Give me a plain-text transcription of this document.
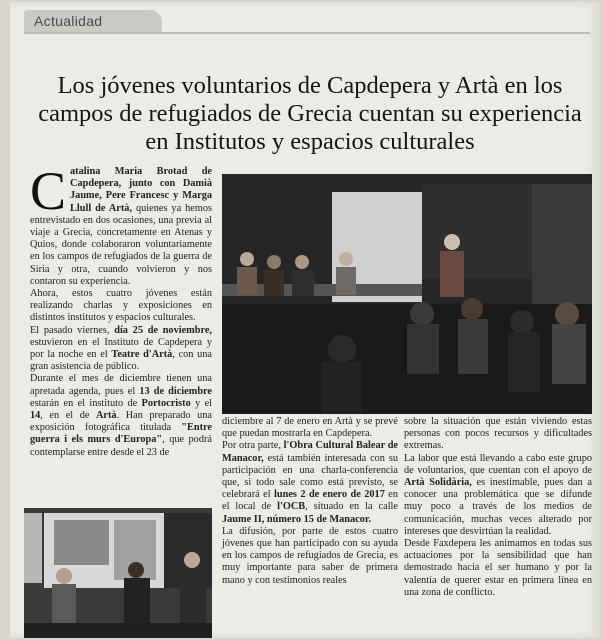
Actualidad
Los jóvenes voluntarios de Capdepera y Artà en los campos de refugiados de Grecia cuentan su experiencia en Institutos y espacios culturales
C atalina Maria Brotad de Capdepera, junto con Damià Jaume, Pere Francesc y Marga Llull de Artà, quienes ya hemos entrevistado en dos ocasiones, una previa al viaje a Grecia, concretamente en Atenas y Quios, donde colaboraron voluntariamente en los campos de refugiados de la guerra de Siria y otra, cuando volvieron y nos contaron su experiencia.

Ahora, estos cuatro jóvenes están realizando charlas y exposiciones en distintos institutos y espacios culturales.

El pasado viernes, día 25 de noviembre, estuvieron en el Instituto de Capdepera y por la noche en el Teatre d'Artà, con una gran asistencia de público.

Durante el mes de diciembre tienen una apretada agenda, pues el 13 de diciembre estarán en el instituto de Portocristo y el 14, en el de Artà. Han preparado una exposición fotográfica titulada "Entre guerra i els murs d'Europa", que podrá contemplarse entre desde el 23 de

diciembre al 7 de enero en Artà y se prevé que puedan mostrarla en Capdepera.

Por otra parte, l'Obra Cultural Balear de Manacor, está también interesada con su participación en una charla-conferencia que, si todo sale como está previsto, se celebrará el lunes 2 de enero de 2017 en el local de l'OCB, situado en la calle Jaume II, número 15 de Manacor.

La difusión, por parte de estos cuatro jóvenes que han participado con su ayuda en los campos de refugiados de Grecia, es muy importante para saber de primera mano y con testimonios reales

sobre la situación que están viviendo estas personas con pocos recursos y dificultades extremas.

La labor que está llevando a cabo este grupo de voluntarios, que cuentan con el apoyo de Artà Solidària, es inestimable, pues dan a conocer una problemática que se difunde muy poco a través de los medios de comunicación, muchas veces alterado por intereses que desvirtúan la realidad.

Desde Faxdepera les animamos en todas sus actuaciones por la sensibilidad que han demostrado hacia el ser humano y por la valentía de querer estar en primera línea en una zona de conflicto.
